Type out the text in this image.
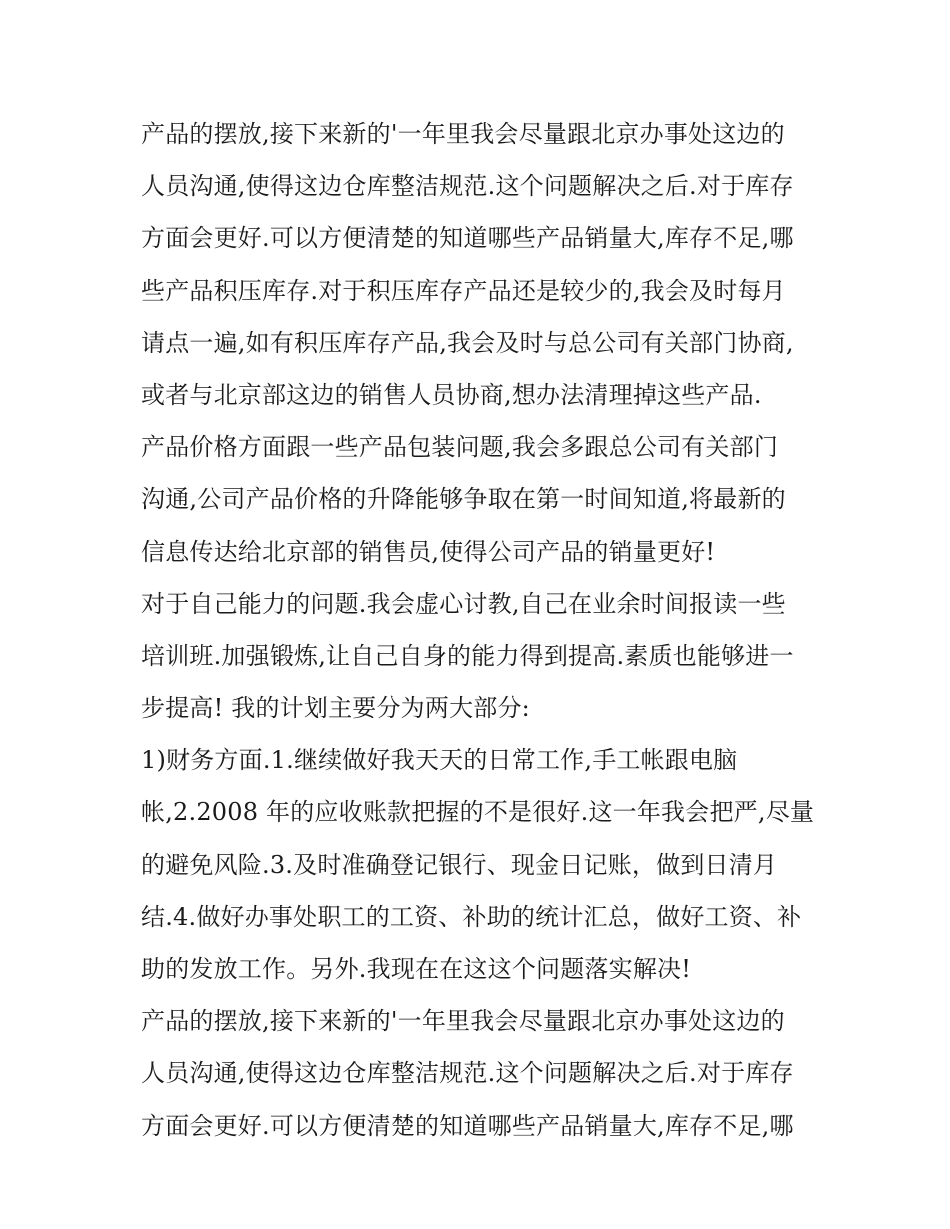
产品的摆放,接下来新的'一年里我会尽量跟北京办事处这边的
人员沟通,使得这边仓库整洁规范.这个问题解决之后.对于库存
方面会更好.可以方便清楚的知道哪些产品销量大,库存不足,哪
些产品积压库存.对于积压库存产品还是较少的,我会及时每月
请点一遍,如有积压库存产品,我会及时与总公司有关部门协商,
或者与北京部这边的销售人员协商,想办法清理掉这些产品.
产品价格方面跟一些产品包装问题,我会多跟总公司有关部门
沟通,公司产品价格的升降能够争取在第一时间知道,将最新的
信息传达给北京部的销售员,使得公司产品的销量更好!
对于自己能力的问题.我会虚心讨教,自己在业余时间报读一些
培训班.加强锻炼,让自己自身的能力得到提高.素质也能够进一
步提高! 我的计划主要分为两大部分:
1)财务方面.1.继续做好我天天的日常工作,手工帐跟电脑
帐,2.2008 年的应收账款把握的不是很好.这一年我会把严,尽量
的避免风险.3.及时准确登记银行、现金日记账，做到日清月
结.4.做好办事处职工的工资、补助的统计汇总，做好工资、补
助的发放工作。另外.我现在在这这个问题落实解决!
产品的摆放,接下来新的'一年里我会尽量跟北京办事处这边的
人员沟通,使得这边仓库整洁规范.这个问题解决之后.对于库存
方面会更好.可以方便清楚的知道哪些产品销量大,库存不足,哪
